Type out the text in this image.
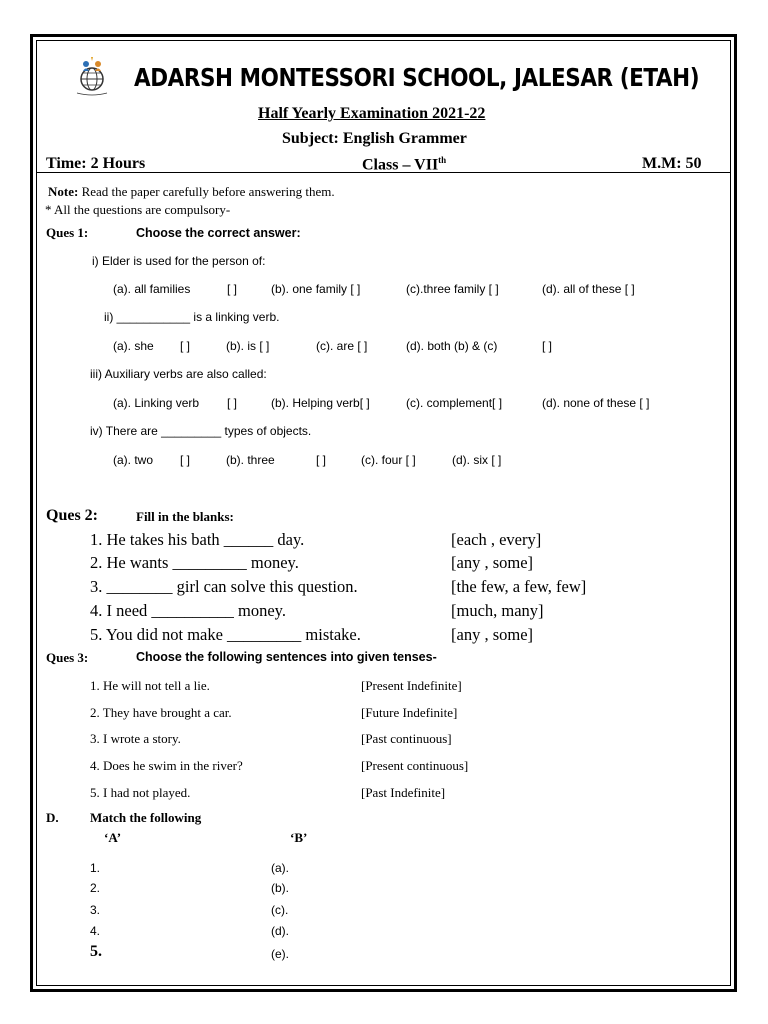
ADARSH MONTESSORI SCHOOL, JALESAR (ETAH)
Half Yearly Examination 2021-22
Subject: English Grammer
Time: 2 Hours	Class – VIIth	M.M: 50
Note: Read the paper carefully before answering them.
* All the questions are compulsory-
Ques 1:	Choose the correct answer:
i) Elder is used for the person of:
(a). all families	[ ]	(b). one family [ ]	(c).three family [ ]	(d). all of these [ ]
ii) ___________ is a linking verb.
(a). she [ ]	(b). is [ ]	(c). are [ ]	(d). both (b) & (c)	[ ]
iii) Auxiliary verbs are also called:
(a). Linking verb [ ]	(b). Helping verb[ ]	(c). complement[ ]	(d). none of these [ ]
iv) There are _________ types of objects.
(a). two [ ]	(b). three	[ ]	(c). four [ ]	(d). six [ ]
Ques 2:	Fill in the blanks:
1. He takes his bath ______ day.	[each , every]
2. He wants _________ money.	[any , some]
3. ________ girl can solve this question.	[the few, a few, few]
4. I need __________ money.	[much, many]
5. You did not make _________ mistake.	[any , some]
Ques 3:	Choose the following sentences into given tenses-
1. He will not tell a lie.	[Present Indefinite]
2. They have brought a car.	[Future Indefinite]
3. I wrote a story.	[Past continuous]
4. Does he swim in the river?	[Present continuous]
5. I had not played.	[Past Indefinite]
D. Match the following
‘A’	‘B’
1.	(a).
2.	(b).
3.	(c).
4.	(d).
5.	(e).
